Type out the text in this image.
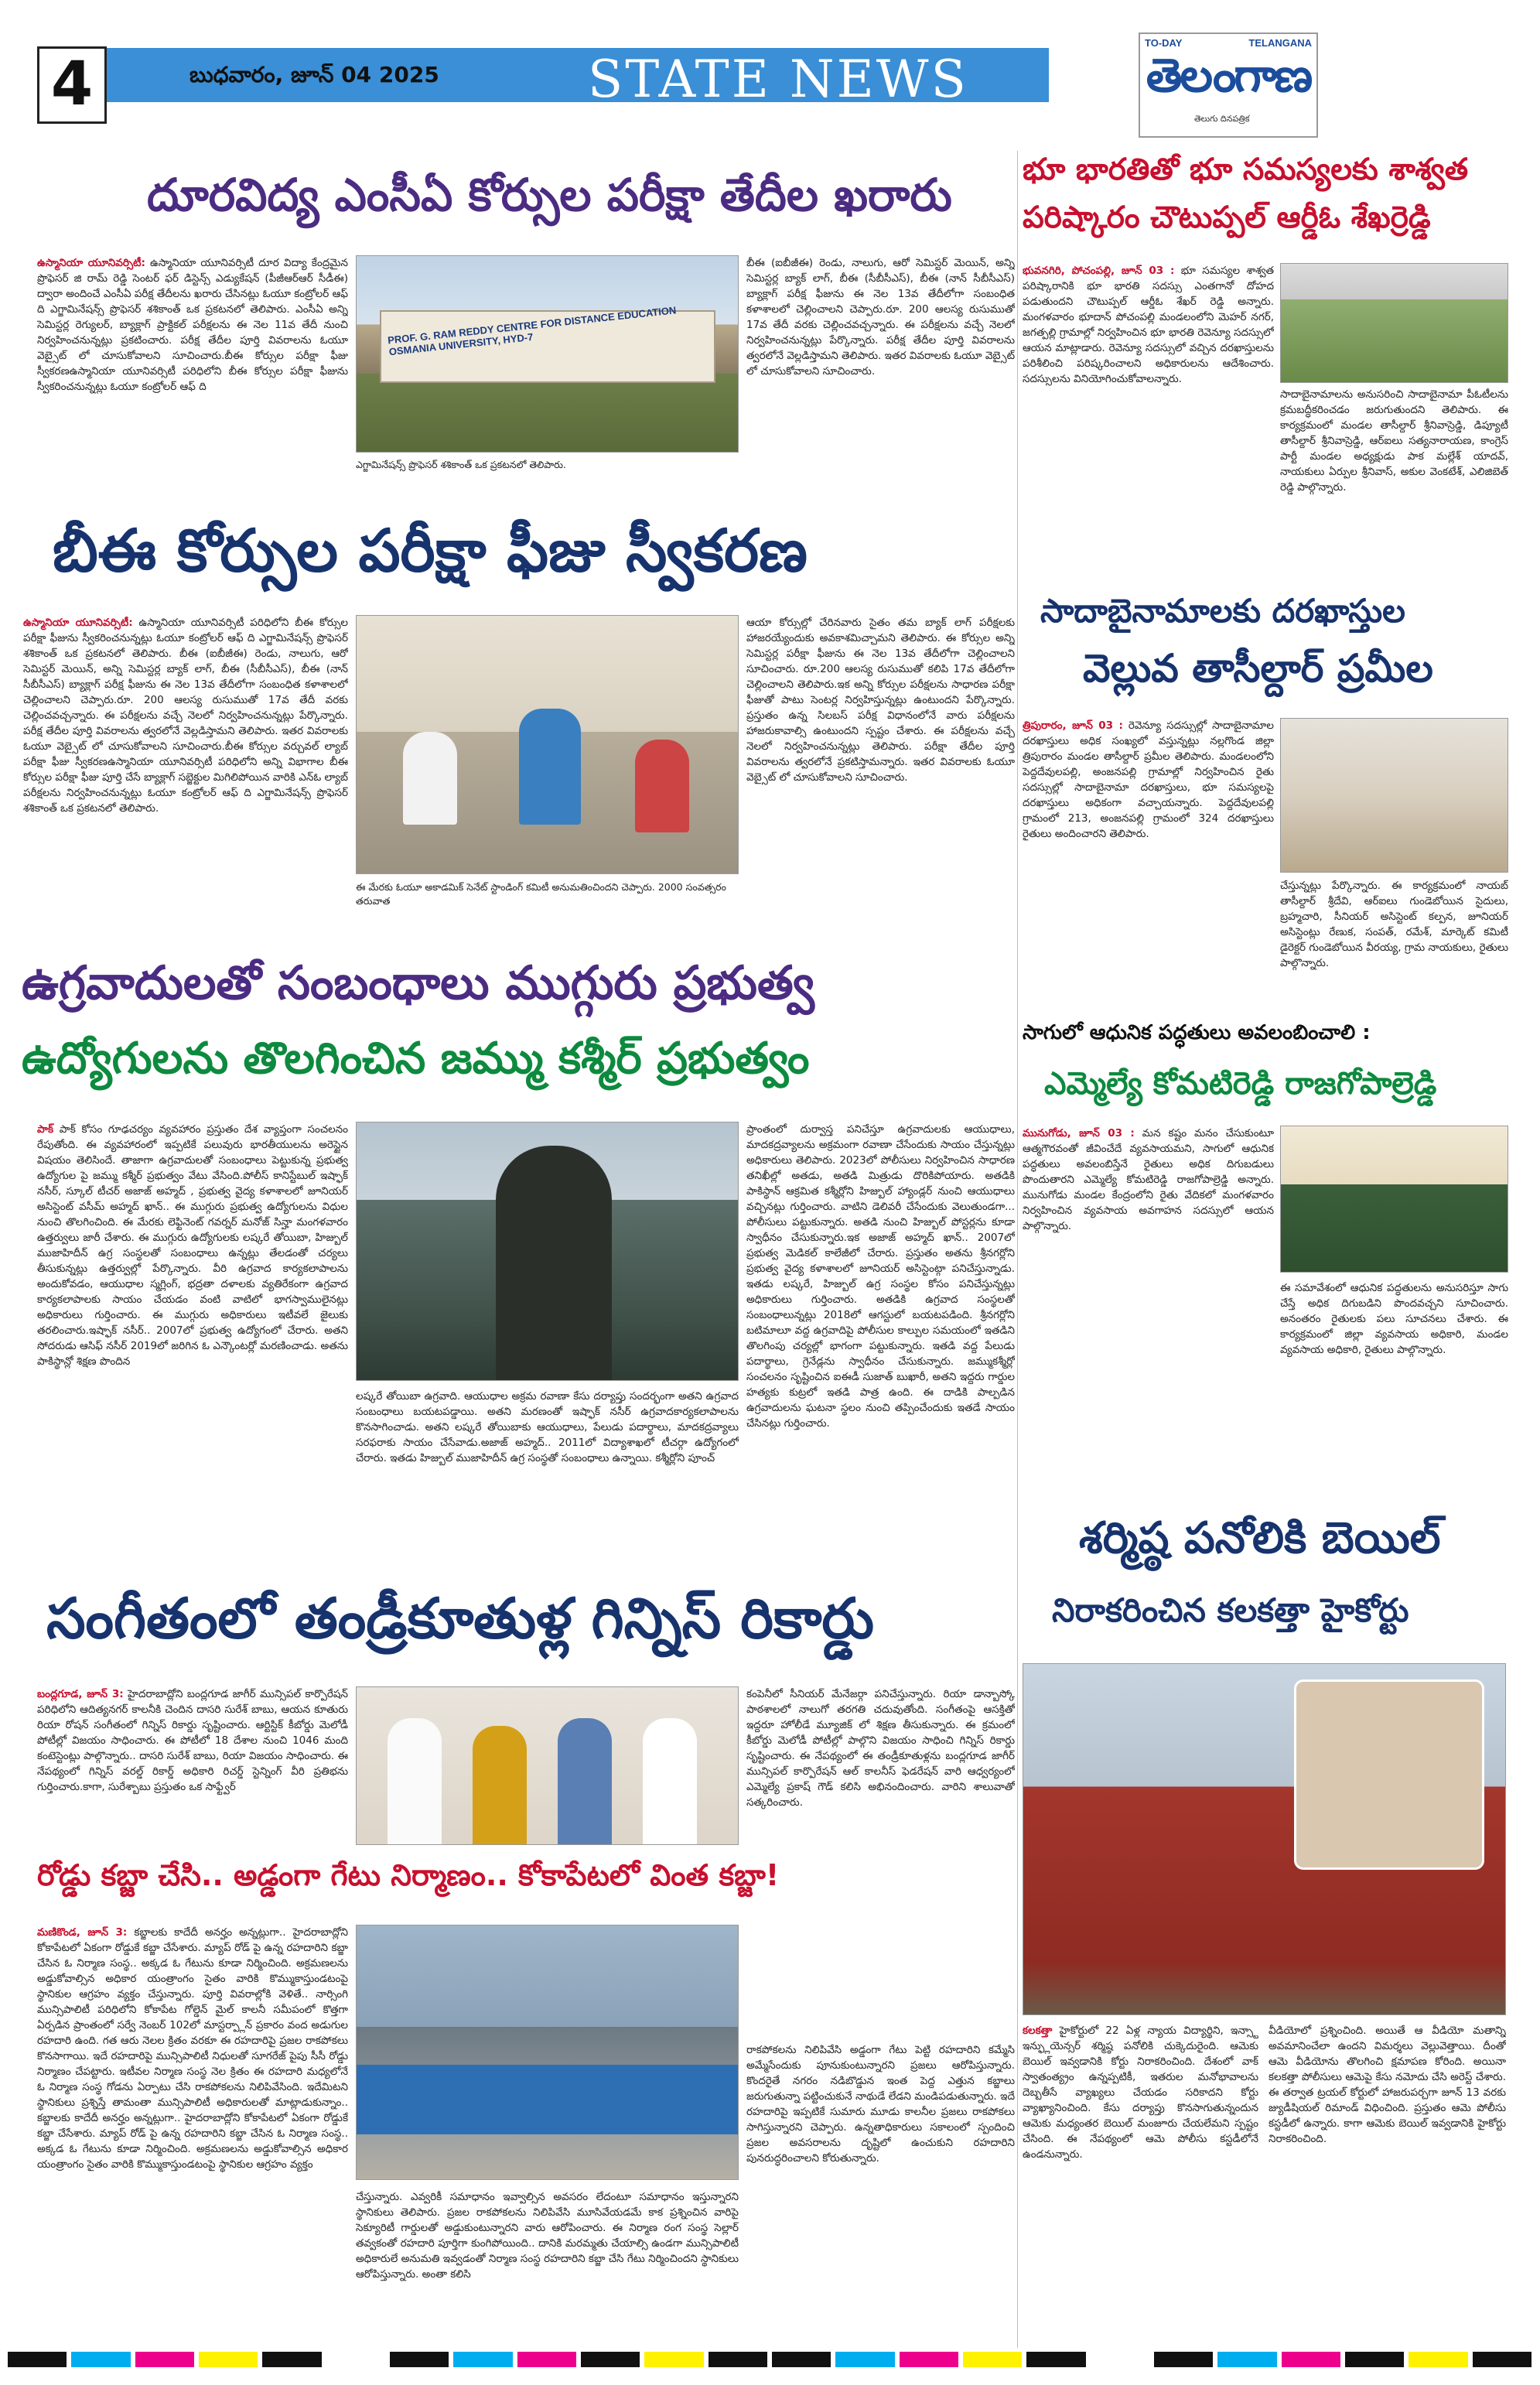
4	బుధవారం, జూన్ 04 2025	STATE NEWS
TO-DAY	TELANGANA
తెలంగాణ
తెలుగు దినపత్రిక
దూరవిద్య ఎంసీఏ కోర్సుల పరీక్షా తేదీల ఖరారు
ఉస్మానియా యూనివర్సిటీ: ఉస్మానియా యూనివర్సిటీ దూర విద్యా కేంద్రమైన ప్రొఫెసర్ జి రామ్ రెడ్డి సెంటర్ ఫర్ డిస్టెన్స్ ఎడ్యుకేషన్ (పీజీఆర్ఆర్ సీడీఈ) ద్వారా అందించే ఎంసీఏ పరీక్ష తేదీలను ఖరారు చేసినట్లు ఓయూ కంట్రోలర్ ఆఫ్ ది ఎగ్జామినేషన్స్ ప్రొఫెసర్ శశికాంత్ ఒక ప్రకటనలో తెలిపారు. ఎంసీఏ అన్ని సెమిస్టర్ల రెగ్యులర్, బ్యాక్లాగ్ ప్రాక్టికల్ పరీక్షలను ఈ నెల 11వ తేదీ నుంచి నిర్వహించనున్నట్లు ప్రకటించారు. పరీక్ష తేదీల పూర్తి వివరాలను ఓయూ వెబ్సైట్ లో చూసుకోవాలని సూచించారు.బీఈ కోర్సుల పరీక్షా ఫీజు స్వీకరణఉస్మానియా యూనివర్సిటీ పరిధిలోని బీఈ కోర్సుల పరీక్షా ఫీజును స్వీకరించనున్నట్లు ఓయూ కంట్రోలర్ ఆఫ్ ది
PROF. G. RAM REDDY CENTRE FOR DISTANCE EDUCATION OSMANIA UNIVERSITY, HYD-7
ఎగ్జామినేషన్స్ ప్రొఫెసర్ శశికాంత్ ఒక ప్రకటనలో తెలిపారు.
బీఈ (ఐబీజీఈ) రెండు, నాలుగు, ఆరో సెమిస్టర్ మెయిన్, అన్ని సెమిస్టర్ల బ్యాక్ లాగ్, బీఈ (సీబీసీఎస్), బీఈ (నాన్ సీబీసీఎస్) బ్యాక్లాగ్ పరీక్ష ఫీజును ఈ నెల 13వ తేదీలోగా సంబంధిత కళాశాలలో చెల్లించాలని చెప్పారు.రూ. 200 ఆలస్య రుసుముతో 17వ తేదీ వరకు చెల్లించవచ్చన్నారు. ఈ పరీక్షలను వచ్చే నెలలో నిర్వహించనున్నట్లు పేర్కొన్నారు. పరీక్ష తేదీల పూర్తి వివరాలను త్వరలోనే వెల్లడిస్తామని తెలిపారు. ఇతర వివరాలకు ఓయూ వెబ్సైట్ లో చూసుకోవాలని సూచించారు.
బీఈ కోర్సుల పరీక్షా ఫీజు స్వీకరణ
ఉస్మానియా యూనివర్సిటీ: ఉస్మానియా యూనివర్సిటీ పరిధిలోని బీఈ కోర్సుల పరీక్షా ఫీజును స్వీకరించనున్నట్లు ఓయూ కంట్రోలర్ ఆఫ్ ది ఎగ్జామినేషన్స్ ప్రొఫెసర్ శశికాంత్ ఒక ప్రకటనలో తెలిపారు. బీఈ (ఐబీజీఈ) రెండు, నాలుగు, ఆరో సెమిస్టర్ మెయిన్, అన్ని సెమిస్టర్ల బ్యాక్ లాగ్, బీఈ (సీబీసీఎస్), బీఈ (నాన్ సీబీసీఎస్) బ్యాక్లాగ్ పరీక్ష ఫీజును ఈ నెల 13వ తేదీలోగా సంబంధిత కళాశాలలో చెల్లించాలని చెప్పారు.రూ. 200 ఆలస్య రుసుముతో 17వ తేదీ వరకు చెల్లించవచ్చన్నారు. ఈ పరీక్షలను వచ్చే నెలలో నిర్వహించనున్నట్లు పేర్కొన్నారు. పరీక్ష తేదీల పూర్తి వివరాలను త్వరలోనే వెల్లడిస్తామని తెలిపారు. ఇతర వివరాలకు ఓయూ వెబ్సైట్ లో చూసుకోవాలని సూచించారు.బీఈ కోర్సుల వర్చువల్ ల్యాబ్ పరీక్షా ఫీజు స్వీకరణఉస్మానియా యూనివర్సిటీ పరిధిలోని అన్ని విభాగాల బీఈ కోర్సుల పరీక్షా ఫీజు పూర్తి చేసే బ్యాక్లాగ్ సబ్జెక్టుల మిగిలిపోయిన వారికి ఎన్ఓ ల్యాబ్ పరీక్షలను నిర్వహించనున్నట్లు ఓయూ కంట్రోలర్ ఆఫ్ ది ఎగ్జామినేషన్స్ ప్రొఫెసర్ శశికాంత్ ఒక ప్రకటనలో తెలిపారు.
ఈ మేరకు ఓయూ అకాడమిక్ సెనేట్ స్టాండింగ్ కమిటీ అనుమతించిందని చెప్పారు. 2000 సంవత్సరం తరువాత
ఆయా కోర్సుల్లో చేరినవారు సైతం తమ బ్యాక్ లాగ్ పరీక్షలకు హాజరయ్యేందుకు అవకాశమిచ్చామని తెలిపారు. ఈ కోర్సుల అన్ని సెమిస్టర్ల పరీక్షా ఫీజును ఈ నెల 13వ తేదీలోగా చెల్లించాలని సూచించారు. రూ.200 ఆలస్య రుసుముతో కలిపి 17వ తేదీలోగా చెల్లించాలని తెలిపారు.ఇక అన్ని కోర్సుల పరీక్షలను సాధారణ పరీక్షా ఫీజుతో పాటు సెంటర్ల నిర్వహిస్తున్నట్లు ఉంటుందని పేర్కొన్నారు. ప్రస్తుతం ఉన్న సిలబస్ పరీక్ష విధానంలోనే వారు పరీక్షలను హాజరుకావాల్సి ఉంటుందని స్పష్టం చేశారు. ఈ పరీక్షలను వచ్చే నెలలో నిర్వహించనున్నట్లు తెలిపారు. పరీక్షా తేదీల పూర్తి వివరాలను త్వరలోనే ప్రకటిస్తామన్నారు. ఇతర వివరాలకు ఓయూ వెబ్సైట్ లో చూసుకోవాలని సూచించారు.
ఉగ్రవాదులతో సంబంధాలు ముగ్గురు ప్రభుత్వ
ఉద్యోగులను తొలగించిన జమ్ము కశ్మీర్ ప్రభుత్వం
పాక్ పాక్ కోసం గూఢచర్యం వ్యవహారం ప్రస్తుతం దేశ వ్యాప్తంగా సంచలనం రేపుతోంది. ఈ వ్యవహారంలో ఇప్పటికే పలువురు భారతీయులను అరెస్టైన విషయం తెలిసిందే. తాజాగా ఉగ్రవాదులతో సంబంధాలు పెట్టుకున్న ప్రభుత్వ ఉద్యోగుల పై జమ్ము కశ్మీర్ ప్రభుత్వం వేటు వేసింది.పోలీస్ కానిస్టేబుల్ ఇష్ఫాక్ నసీర్, స్కూల్ టీచర్ అజాజ్ అహ్మద్ , ప్రభుత్వ వైద్య కళాశాలలో జూనియర్ అసిస్టెంట్ వసీమ్ అహ్మద్ ఖాన్.. ఈ ముగ్గురు ప్రభుత్వ ఉద్యోగులను విధుల నుంచి తొలగించింది. ఈ మేరకు లెఫ్టినెంట్ గవర్నర్ మనోజ్ సిన్హా మంగళవారం ఉత్తర్వులు జారీ చేశారు. ఈ ముగ్గురు ఉద్యోగులకు లష్కరే తోయిబా, హిజ్బుల్ ముజాహిదీన్ ఉగ్ర సంస్థలతో సంబంధాలు ఉన్నట్లు తేలడంతో చర్యలు తీసుకున్నట్లు ఉత్తర్వుల్లో పేర్కొన్నారు. వీరి ఉగ్రవాద కార్యకలాపాలను అందుకోవడం, ఆయుధాల స్మగ్లింగ్, భద్రతా దళాలకు వ్యతిరేకంగా ఉగ్రవాద కార్యకలాపాలకు సాయం చేయడం వంటి వాటిలో భాగస్వాములైనట్లు అధికారులు గుర్తించారు. ఈ ముగ్గురు అధికారులు ఇటీవలే జైలుకు తరలించారు.ఇష్ఫాక్ నసీర్.. 2007లో ప్రభుత్వ ఉద్యోగంలో చేరారు. అతని సోదరుడు ఆసిఫ్ నసీర్ 2019లో జరిగిన ఓ ఎన్కౌంటర్లో మరణించాడు. అతను పాకిస్థాన్లో శిక్షణ పొందిన
లష్కరే తోయిబా ఉగ్రవాది. ఆయుధాల అక్రమ రవాణా కేసు దర్యాప్తు సందర్భంగా అతని ఉగ్రవాద సంబంధాలు బయటపడ్డాయి. అతని మరణంతో ఇష్ఫాక్ నసీర్ ఉగ్రవాదకార్యకలాపాలను కొనసాగించాడు. అతని లష్కరే తోయిబాకు ఆయుధాలు, పేలుడు పదార్థాలు, మాదకద్రవ్యాలు సరఫరాకు సాయం చేసేవాడు.అజాజ్ అహ్మద్.. 2011లో విద్యాశాఖలో టీచర్గా ఉద్యోగంలో చేరారు. ఇతడు హిజ్బుల్ ముజాహిదీన్ ఉగ్ర సంస్థతో సంబంధాలు ఉన్నాయి. కశ్మీర్లోని పూంచ్
ప్రాంతంలో దుర్వాస్త పనిచేస్తూ ఉగ్రవాదులకు ఆయుధాలు, మాదకద్రవ్యాలను అక్రమంగా రవాణా చేసేందుకు సాయం చేస్తున్నట్లు అధికారులు తెలిపారు. 2023లో పోలీసులు నిర్వహించిన సాధారణ తనిఖీల్లో అతడు, అతడి మిత్రుడు దొరికిపోయారు. అతడికి పాకిస్థాన్ ఆక్రమిత కశ్మీర్లోని హిజ్బుల్ హ్యాండ్లర్ నుంచి ఆయుధాలు వచ్చినట్లు గుర్తించారు. వాటిని డెలివరీ చేసేందుకు వెలుతుండగా... పోలీసులు పట్టుకున్నారు. అతడి నుంచి హిజ్బుల్ పోస్టర్లను కూడా స్వాధీనం చేసుకున్నారు.ఇక అజాజ్ అహ్మద్ ఖాన్.. 2007లో ప్రభుత్వ మెడికల్ కాలేజీలో చేరారు. ప్రస్తుతం అతను శ్రీనగర్లోని ప్రభుత్వ వైద్య కళాశాలలో జూనియర్ అసిస్టెంట్గా పనిచేస్తున్నాడు. ఇతడు లష్కరే, హిజ్బుల్ ఉగ్ర సంస్థల కోసం పనిచేస్తున్నట్లు అధికారులు గుర్తించారు. అతడికి ఉగ్రవాద సంస్థలతో సంబంధాలున్నట్లు 2018లో ఆగస్టులో బయటపడింది. శ్రీనగర్లోని బటిమాలూ వద్ద ఉగ్రవాదిపై పోలీసుల కాల్పుల సమయంలో ఇతడిని తొలగింపు చర్యల్లో భాగంగా పట్టుకున్నారు. ఇతడి వద్ద పేలుడు పదార్థాలు, గ్రెనేడ్లను స్వాధీనం చేసుకున్నారు. జమ్ముకశ్మీర్లో సంచలనం సృష్టించిన ఐఈడీ సుజాత్ బుఖారీ, అతని ఇద్దరు గార్డుల హత్యకు కుట్రలో ఇతడి పాత్ర ఉంది. ఈ దాడికి పాల్పడిన ఉగ్రవాదులను ఘటనా స్థలం నుంచి తప్పించేందుకు ఇతడే సాయం చేసినట్లు గుర్తించారు.
సంగీతంలో తండ్రీకూతుళ్ల గిన్నిస్ రికార్డు
బంద్లగూడ, జూన్ 3: హైదరాబాద్లోని బంద్లగూడ జాగీర్ మున్సిపల్ కార్పొరేషన్ పరిధిలోని ఆదిత్యనగర్ కాలనీకి చెందిన దాసరి సురేశ్ బాబు, ఆయన కూతురు రియా రోషన్ సంగీతంలో గిన్నిస్ రికార్డు సృష్టించారు. ఆర్టిస్టిక్ కీబోర్డు మెలోడీ పోటీల్లో విజయం సాధించారు. ఈ పోటీలో 18 దేశాల నుంచి 1046 మంది కంటెస్టెంట్లు పాల్గొన్నారు.. దాసరి సురేశ్ బాబు, రియా విజయం సాధించారు. ఈ నేపథ్యంలో గిన్నిస్ వరల్డ్ రికార్డ్ అధికారి రిచర్డ్ స్టెన్నింగ్ వీరి ప్రతిభను గుర్తించారు.కాగా, సురేశ్బాబు ప్రస్తుతం ఒక సాఫ్ట్వేర్
కంపెనీలో సీనియర్ మేనేజర్గా పనిచేస్తున్నారు. రియా డాన్బాస్కో పాఠశాలలో నాలుగో తరగతి చదువుతోంది. సంగీతంపై ఆసక్తితో ఇద్దరూ హోలీడే మ్యూజిక్ లో శిక్షణ తీసుకున్నారు. ఈ క్రమంలో కీబోర్డు మెలోడీ పోటీల్లో పాల్గొని విజయం సాధించి గిన్నిస్ రికార్డు సృష్టించారు. ఈ నేపథ్యంలో ఈ తండ్రీకూతుళ్లను బంద్లగూడ జాగీర్ మున్సిపల్ కార్పొరేషన్ ఆల్ కాలనీస్ ఫెడరేషన్ వారి ఆధ్వర్యంలో ఎమ్మెల్యే ప్రకాష్ గౌడ్ కలిసి అభినందించారు. వారిని శాలువాతో సత్కరించారు.
రోడ్డు కబ్జా చేసి.. అడ్డంగా గేటు నిర్మాణం.. కోకాపేటలో వింత కబ్జా!
మణికొండ, జూన్ 3: కబ్జాలకు కాదేదీ అనర్హం అన్నట్లుగా.. హైదరాబాద్లోని కోకాపేటలో ఏకంగా రోడ్డుకే కబ్జా చేసేశారు. మ్యాప్ రోడ్ పై ఉన్న రహదారిని కబ్జా చేసిన ఓ నిర్మాణ సంస్థ.. అక్కడ ఓ గేటును కూడా నిర్మించింది. అక్రమణలను అడ్డుకోవాల్సిన అధికార యంత్రాంగం సైతం వారికి కొమ్ముకాస్తుండటంపై స్థానికుల ఆగ్రహం వ్యక్తం చేస్తున్నారు. పూర్తి వివరాల్లోకి వెళితే.. నార్సింగి మున్సిపాలిటీ పరిధిలోని కోకాపేట గోల్డెన్ మైల్ కాలనీ సమీపంలో కొత్తగా ఏర్పడిన ప్రాంతంలో సర్వే నెంబర్ 102లో మాస్టర్ప్లాన్ ప్రకారం వంద అడుగుల రహదారి ఉంది. గత ఆరు నెలల క్రితం వరకూ ఈ రహదారిపై ప్రజల రాకపోకలు కొనసాగాయి. ఇదే రహదారిపై మున్సిపాలిటీ నిధులతో సూగరేజ్ పైపు సీసీ రోడ్డు నిర్మాణం చేపట్టారు. ఇటీవల నిర్మాణ సంస్థ నెల క్రితం ఈ రహదారి మధ్యలోనే ఓ నిర్మాణ సంస్థ గోడను ఏర్పాటు చేసి రాకపోకలను నిలిపివేసింది. ఇదేమిటని స్థానికులు ప్రశ్నిస్తే తామంతా మున్సిపాలిటీ అధికారులతో మాట్లాడుకున్నాం.. కబ్జాలకు కాదేదీ అనర్హం అన్నట్లుగా.. హైదరాబాద్లోని కోకాపేటలో ఏకంగా రోడ్డుకే కబ్జా చేసేశారు. మ్యాప్ రోడ్ పై ఉన్న రహదారిని కబ్జా చేసిన ఓ నిర్మాణ సంస్థ.. అక్కడ ఓ గేటును కూడా నిర్మించింది. అక్రమణలను అడ్డుకోవాల్సిన అధికార యంత్రాంగం సైతం వారికి కొమ్ముకాస్తుండటంపై స్థానికుల ఆగ్రహం వ్యక్తం
చేస్తున్నారు. ఎవ్వరికీ సమాధానం ఇవ్వాల్సిన అవసరం లేదంటూ సమాధానం ఇస్తున్నారని స్థానికులు తెలిపారు. ప్రజల రాకపోకలను నిలిపివేసి మూసివేయడమే కాక ప్రశ్నించిన వారిపై సెక్యూరిటీ గార్డులతో అడ్డుకుంటున్నారని వారు ఆరోపించారు. ఈ నిర్మాణ రంగ సంస్థ సెల్లార్ తవ్వకంతో రహదారి పూర్తిగా కుంగిపోయింది.. దానికి మరమ్మతు చేయాల్సి ఉండగా మున్సిపాలిటీ అధికారులే అనుమతి ఇవ్వడంతో నిర్మాణ సంస్థ రహదారిని కబ్జా చేసి గేటు నిర్మించిందని స్థానికులు ఆరోపిస్తున్నారు. అంతా కలిసి
రాకపోకలను నిలిపివేసి అడ్డంగా గేటు పెట్టి రహదారిని కమ్మేసి అమ్మేసేందుకు పూనుకుంటున్నారని ప్రజలు ఆరోపిస్తున్నారు. కొందరైతే నగరం నడిబొడ్డున ఇంత పెద్ద ఎత్తున కబ్జాలు జరుగుతున్నా పట్టించుకునే నాథుడే లేడని మండిపడుతున్నారు. ఇదే రహదారిపై ఇప్పటికే సుమారు మూడు కాలనీల ప్రజలు రాకపోకలు సాగిస్తున్నారని చెప్పారు. ఉన్నతాధికారులు సకాలంలో స్పందించి ప్రజల అవసరాలను దృష్టిలో ఉంచుకుని రహదారిని పునరుద్ధరించాలని కోరుతున్నారు.
భూ భారతితో భూ సమస్యలకు శాశ్వత
పరిష్కారం చౌటుప్పల్ ఆర్డీఓ శేఖర్రెడ్డి
భువనగిరి, పోచంపల్లి, జూన్ 03 : భూ సమస్యల శాశ్వత పరిష్కారానికి భూ భారతి సదస్సు ఎంతగానో దోహద పడుతుందని చౌటుప్పల్ ఆర్డీఓ శేఖర్ రెడ్డి అన్నారు. మంగళవారం భూదాన్ పోచంపల్లి మండలంలోని మెహర్ నగర్, జగత్పల్లి గ్రామాల్లో నిర్వహించిన భూ భారతి రెవెన్యూ సదస్సులో ఆయన మాట్లాడారు. రెవెన్యూ సదస్సులో వచ్చిన దరఖాస్తులను పరిశీలించి పరిష్కరించాలని అధికారులను ఆదేశించారు. సదస్సులను వినియోగించుకోవాలన్నారు.
సాదాబైనామాలను అనుసరించి సాదాబైనామా పీఓటీలను క్రమబద్ధీకరించడం జరుగుతుందని తెలిపారు. ఈ కార్యక్రమంలో మండల తాసీల్దార్ శ్రీనివాస్రెడ్డి, డిప్యూటీ తాసీల్దార్ శ్రీనివాస్రెడ్డి, ఆర్ఐలు సత్యనారాయణ, కాంగ్రెస్ పార్టీ మండల అధ్యక్షుడు పాక మల్లేశ్ యాదవ్, నాయకులు ఏర్పుల శ్రీనివాస్, అకుల వెంకటేశ్, ఎలిజిబెత్ రెడ్డి పాల్గొన్నారు.
సాదాబైనామాలకు దరఖాస్తుల
వెల్లువ తాసీల్దార్ ప్రమీల
త్రిపురారం, జూన్ 03 : రెవెన్యూ సదస్సుల్లో సాదాబైనామాల దరఖాస్తులు అధిక సంఖ్యలో వస్తున్నట్లు నల్లగొండ జిల్లా త్రిపురారం మండల తాసీల్దార్ ప్రమీల తెలిపారు. మండలంలోని పెద్దదేవులపల్లి, అంజనపల్లి గ్రామాల్లో నిర్వహించిన రైతు సదస్సుల్లో సాదాబైనామా దరఖాస్తులు, భూ సమస్యలపై దరఖాస్తులు అధికంగా వచ్చాయన్నారు. పెద్దదేవులపల్లి గ్రామంలో 213, అంజనపల్లి గ్రామంలో 324 దరఖాస్తులు రైతులు అందించారని తెలిపారు.
చేస్తున్నట్లు పేర్కొన్నారు. ఈ కార్యక్రమంలో నాయబ్ తాసీల్దార్ శ్రీదేవి, ఆర్ఐలు గుండెబోయిన సైదులు, బ్రహ్మచారి, సీనియర్ అసిస్టెంట్ కల్పన, జూనియర్ అసిస్టెంట్లు రేణుక, సంపత్, రమేశ్, మార్కెట్ కమిటీ డైరెక్టర్ గుండెబోయిన వీరయ్య, గ్రామ నాయకులు, రైతులు పాల్గొన్నారు.
సాగులో ఆధునిక పద్ధతులు అవలంబించాలి :
ఎమ్మెల్యే కోమటిరెడ్డి రాజగోపాల్రెడ్డి
మునుగోడు, జూన్ 03 : మన కష్టం మనం చేసుకుంటూ ఆత్మగౌరవంతో జీవించేదే వ్యవసాయమని, సాగులో ఆధునిక పద్ధతులు అవలంబిస్తేనే రైతులు అధిక దిగుబడులు పొందుతారని ఎమ్మెల్యే కోమటిరెడ్డి రాజగోపాల్రెడ్డి అన్నారు. మునుగోడు మండల కేంద్రంలోని రైతు వేదికలో మంగళవారం నిర్వహించిన వ్యవసాయ అవగాహన సదస్సులో ఆయన పాల్గొన్నారు.
ఈ సమావేశంలో ఆధునిక పద్ధతులను అనుసరిస్తూ సాగు చేస్తే అధిక దిగుబడిని పొందవచ్చని సూచించారు. అనంతరం రైతులకు పలు సూచనలు చేశారు. ఈ కార్యక్రమంలో జిల్లా వ్యవసాయ అధికారి, మండల వ్యవసాయ అధికారి, రైతులు పాల్గొన్నారు.
శర్మిష్ఠ పనోలికి బెయిల్
నిరాకరించిన కలకత్తా హైకోర్టు
కలకత్తా హైకోర్టులో 22 ఏళ్ల న్యాయ విద్యార్థిని, ఇన్స్టా ఇన్ఫ్లుయెన్సర్ శర్మిష్ఠ పనోలికి చుక్కెదురైంది. ఆమెకు బెయిల్ ఇవ్వడానికి కోర్టు నిరాకరించింది. దేశంలో వాక్ స్వాతంత్య్రం ఉన్నప్పటికీ, ఇతరుల మనోభావాలను దెబ్బతీసే వ్యాఖ్యలు చేయడం సరికాదని కోర్టు వ్యాఖ్యానించింది. కేసు దర్యాప్తు కొనసాగుతున్నందున ఆమెకు మధ్యంతర బెయిల్ మంజూరు చేయలేమని స్పష్టం చేసింది. ఈ నేపథ్యంలో ఆమె పోలీసు కస్టడీలోనే ఉండనున్నారు.
వీడియోలో ప్రశ్నించింది. అయితే ఆ వీడియో మతాన్ని అవమానించేలా ఉందని విమర్శలు వెల్లువెత్తాయి. దీంతో ఆమె వీడియోను తొలగించి క్షమాపణ కోరింది. అయినా కలకత్తా పోలీసులు ఆమెపై కేసు నమోదు చేసి అరెస్ట్ చేశారు. ఈ తర్వాత ట్రయల్ కోర్టులో హాజరుపర్చగా జూన్ 13 వరకు జ్యుడీషియల్ రిమాండ్ విధించింది. ప్రస్తుతం ఆమె పోలీసు కస్టడీలో ఉన్నారు. కాగా ఆమెకు బెయిల్ ఇవ్వడానికి హైకోర్టు నిరాకరించింది.
